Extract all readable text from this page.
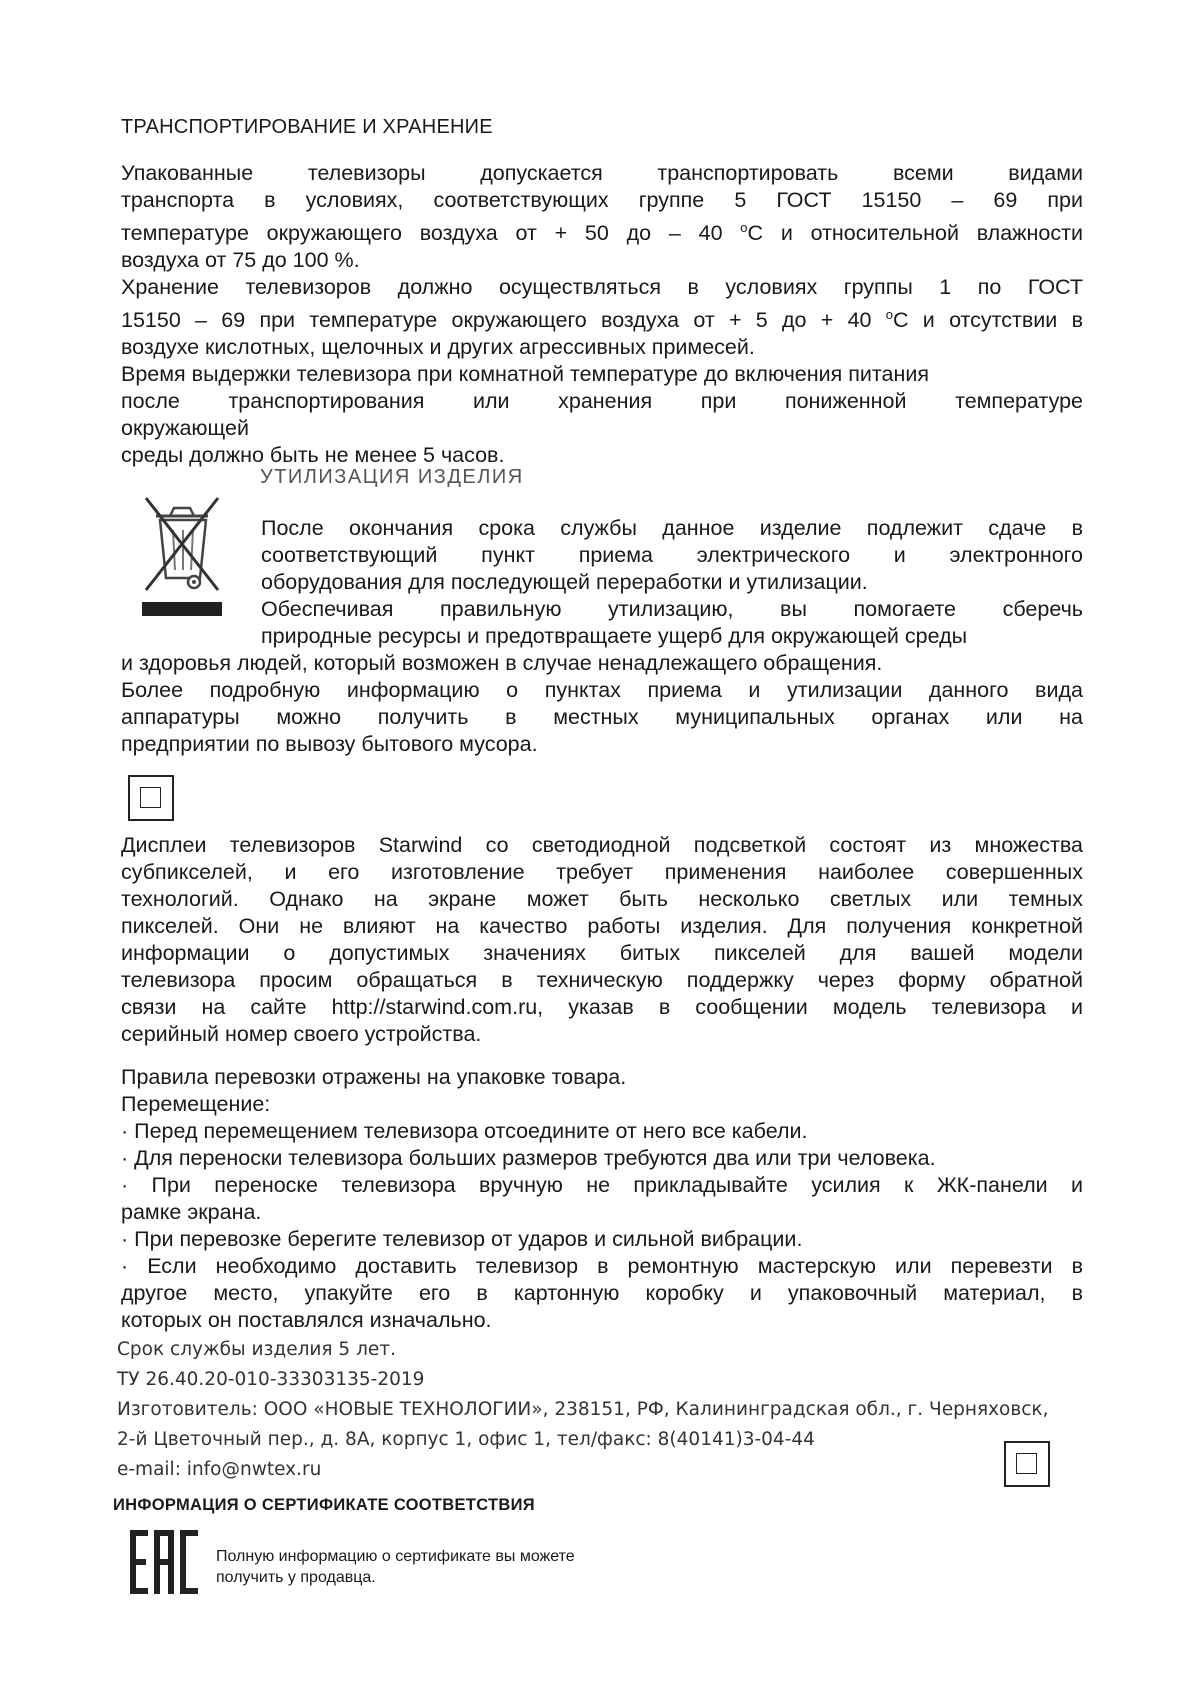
ТРАНСПОРТИРОВАНИЕ И ХРАНЕНИЕ
Упакованные телевизоры допускается транспортировать всеми видами
транспорта в условиях, соответствующих группе 5 ГОСТ 15150 – 69 при
температуре окружающего воздуха от + 50 до – 40 $^о$С и относительной влажности
воздуха от 75 до 100 %.
Хранение телевизоров должно осуществляться в условиях группы 1 по ГОСТ
15150 – 69 при температуре окружающего воздуха от + 5 до + 40 $^о$С и отсутствии в
воздухе кислотных, щелочных и других агрессивных примесей.
Время выдержки телевизора при комнатной температуре до включения питания
после транспортирования или хранения при пониженной температуре
окружающей
среды должно быть не менее 5 часов.
УТИЛИЗАЦИЯ ИЗДЕЛИЯ
После окончания срока службы данное изделие подлежит сдаче в
соответствующий пункт приема электрического и электронного
оборудования для последующей переработки и утилизации.
Обеспечивая правильную утилизацию, вы помогаете сберечь
природные ресурсы и предотвращаете ущерб для окружающей среды
и здоровья людей, который возможен в случае ненадлежащего обращения.
Более подробную информацию о пунктах приема и утилизации данного вида
аппаратуры можно получить в местных муниципальных органах или на
предприятии по вывозу бытового мусора.
Дисплеи телевизоров Starwind со светодиодной подсветкой состоят из множества
субпикселей, и его изготовление требует применения наиболее совершенных
технологий. Однако на экране может быть несколько светлых или темных
пикселей. Они не влияют на качество работы изделия. Для получения конкретной
информации о допустимых значениях битых пикселей для вашей модели
телевизора просим обращаться в техническую поддержку через форму обратной
связи на сайте http://starwind.com.ru, указав в сообщении модель телевизора и
серийный номер своего устройства.
Правила перевозки отражены на упаковке товара.
Перемещение:
· Перед перемещением телевизора отсоедините от него все кабели.
· Для переноски телевизора больших размеров требуются два или три человека.
· При переноске телевизора вручную не прикладывайте усилия к ЖК-панели и
рамке экрана.
· При перевозке берегите телевизор от ударов и сильной вибрации.
· Если необходимо доставить телевизор в ремонтную мастерскую или перевезти в
другое место, упакуйте его в картонную коробку и упаковочный материал, в
которых он поставлялся изначально.
Срок службы изделия 5 лет.
ТУ 26.40.20-010-33303135-2019
Изготовитель: ООО «НОВЫЕ ТЕХНОЛОГИИ», 238151, РФ, Калининградская обл., г. Черняховск,
2-й Цветочный пер., д. 8А, корпус 1, офис 1, тел/факс: 8(40141)3-04-44
e-mail: info@nwtex.ru
ИНФОРМАЦИЯ О СЕРТИФИКАТЕ СООТВЕТСТВИЯ
Полную информацию о сертификате вы можете
получить у продавца.
